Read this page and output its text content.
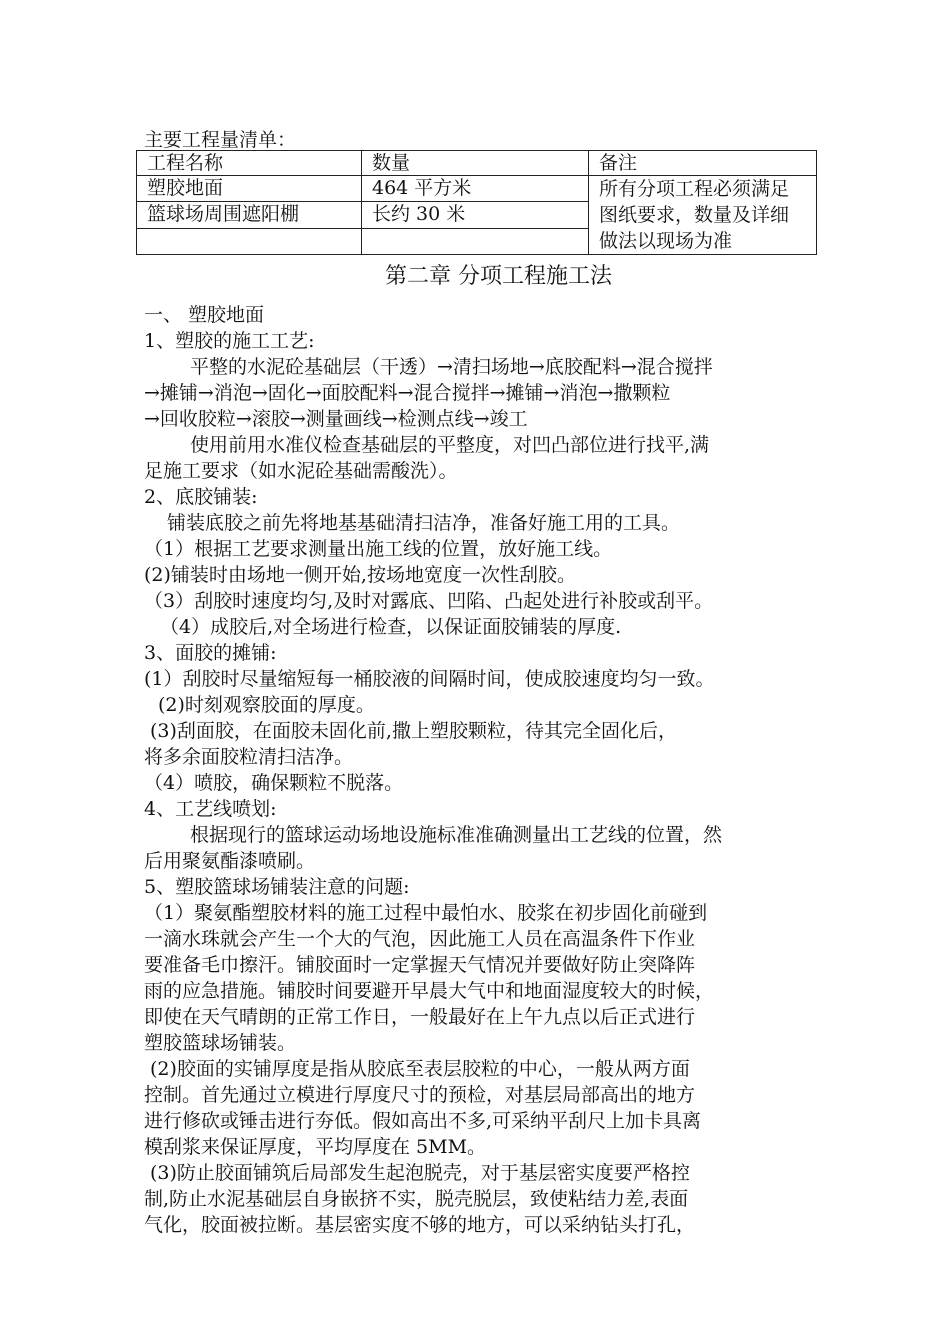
主要工程量清单：

工程名称	数量	备注
塑胶地面	464 平方米	所有分项工程必须满足图纸要求，数量及详细做法以现场为准
篮球场周围遮阳棚	长约 30 米	

第二章 分项工程施工法

一、 塑胶地面

1、塑胶的施工工艺:

平整的水泥砼基础层（干透）→清扫场地→底胶配料→混合搅拌

→摊铺→消泡→固化→面胶配料→混合搅拌→摊铺→消泡→撒颗粒

→回收胶粒→滚胶→测量画线→检测点线→竣工

使用前用水准仪检查基础层的平整度，对凹凸部位进行找平,满

足施工要求（如水泥砼基础需酸洗）。

2、底胶铺装:

铺装底胶之前先将地基基础清扫洁净，准备好施工用的工具。

（1）根据工艺要求测量出施工线的位置，放好施工线。

(2)铺装时由场地一侧开始,按场地宽度一次性刮胶。

（3）刮胶时速度均匀,及时对露底、凹陷、凸起处进行补胶或刮平。

（4）成胶后,对全场进行检查，以保证面胶铺装的厚度.

3、面胶的摊铺:

(1）刮胶时尽量缩短每一桶胶液的间隔时间，使成胶速度均匀一致。

(2)时刻观察胶面的厚度。

(3)刮面胶，在面胶未固化前,撒上塑胶颗粒，待其完全固化后，

将多余面胶粒清扫洁净。

（4）喷胶，确保颗粒不脱落。

4、工艺线喷划:

根据现行的篮球运动场地设施标准准确测量出工艺线的位置，然

后用聚氨酯漆喷刷。

5、塑胶篮球场铺装注意的问题:

（1）聚氨酯塑胶材料的施工过程中最怕水、胶浆在初步固化前碰到

一滴水珠就会产生一个大的气泡，因此施工人员在高温条件下作业

要准备毛巾擦汗。铺胶面时一定掌握天气情况并要做好防止突降阵

雨的应急措施。铺胶时间要避开早晨大气中和地面湿度较大的时候，

即使在天气晴朗的正常工作日，一般最好在上午九点以后正式进行

塑胶篮球场铺装。

(2)胶面的实铺厚度是指从胶底至表层胶粒的中心，一般从两方面

控制。首先通过立模进行厚度尺寸的预检，对基层局部高出的地方

进行修砍或锤击进行夯低。假如高出不多,可采纳平刮尺上加卡具离

模刮浆来保证厚度，平均厚度在 5MM。

(3)防止胶面铺筑后局部发生起泡脱壳，对于基层密实度要严格控

制,防止水泥基础层自身嵌挤不实，脱壳脱层，致使粘结力差,表面

气化，胶面被拉断。基层密实度不够的地方，可以采纳钻头打孔，
